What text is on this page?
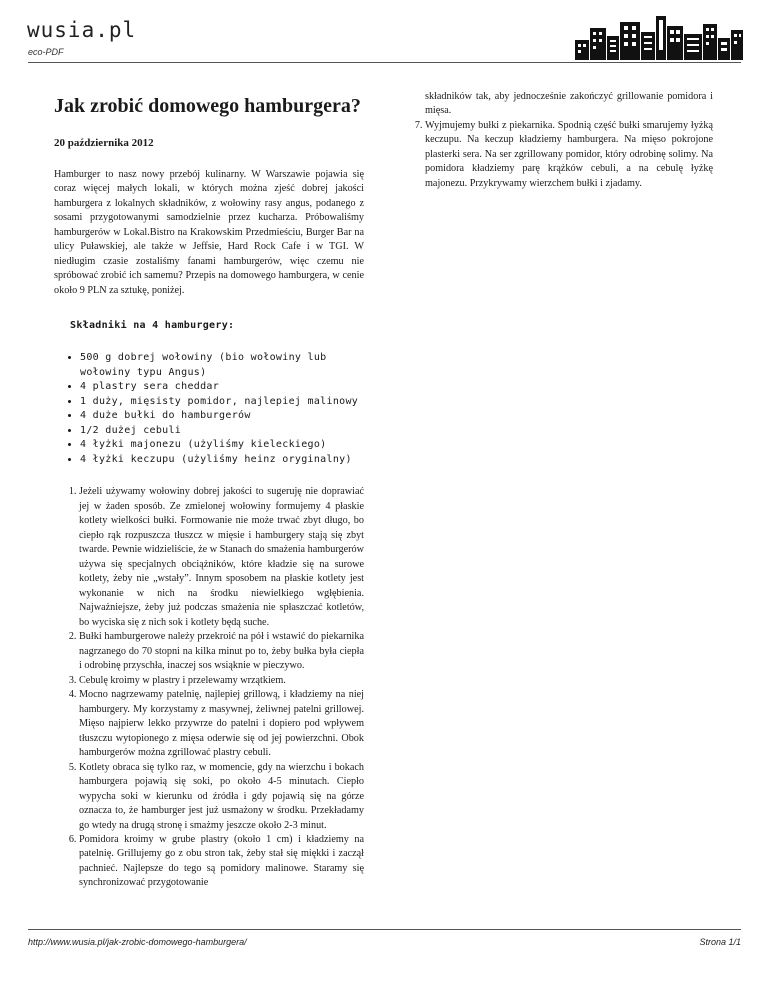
wusia.pl
eco-PDF
Jak zrobić domowego hamburgera?
20 października 2012

Hamburger to nasz nowy przebój kulinarny. W Warszawie pojawia się coraz więcej małych lokali, w których można zjeść dobrej jakości hamburgera z lokalnych składników, z wołowiny rasy angus, podanego z sosami przygotowanymi samodzielnie przez kucharza. Próbowaliśmy hamburgerów w Lokal.Bistro na Krakowskim Przedmieściu, Burger Bar na ulicy Puławskiej, ale także w Jeffsie, Hard Rock Cafe i w TGI. W niedługim czasie zostaliśmy fanami hamburgerów, więc czemu nie spróbować zrobić ich samemu? Przepis na domowego hamburgera, w cenie około 9 PLN za sztukę, poniżej.

Składniki na 4 hamburgery:
• 500 g dobrej wołowiny (bio wołowiny lub wołowiny typu Angus)
• 4 plastry sera cheddar
• 1 duży, mięsisty pomidor, najlepiej malinowy
• 4 duże bułki do hamburgerów
• 1/2 dużej cebuli
• 4 łyżki majonezu (użyliśmy kieleckiego)
• 4 łyżki keczupu (użyliśmy heinz oryginalny)
1. Jeżeli używamy wołowiny dobrej jakości to sugeruję nie doprawiać jej w żaden sposób. Ze zmielonej wołowiny formujemy 4 płaskie kotlety wielkości bułki. Formowanie nie może trwać zbyt długo, bo ciepło rąk rozpuszcza tłuszcz w mięsie i hamburgery stają się zbyt twarde. Pewnie widzieliście, że w Stanach do smażenia hamburgerów używa się specjalnych obciążników, które kładzie się na surowe kotlety, żeby nie „wstały”. Innym sposobem na płaskie kotlety jest wykonanie w nich na środku niewielkiego wgłębienia. Najważniejsze, żeby już podczas smażenia nie spłaszczać kotletów, bo wyciska się z nich sok i kotlety będą suche.
2. Bułki hamburgerowe należy przekroić na pół i wstawić do piekarnika nagrzanego do 70 stopni na kilka minut po to, żeby bułka była ciepła i odrobinę przyschła, inaczej sos wsiąknie w pieczywo.
3. Cebulę kroimy w plastry i przelewamy wrzątkiem.
4. Mocno nagrzewamy patelnię, najlepiej grillową, i kładziemy na niej hamburgery. My korzystamy z masywnej, żeliwnej patelni grillowej. Mięso najpierw lekko przywrze do patelni i dopiero pod wpływem tłuszczu wytopionego z mięsa oderwie się od jej powierzchni. Obok hamburgerów można zgrillować plastry cebuli.
5. Kotlety obraca się tylko raz, w momencie, gdy na wierzchu i bokach hamburgera pojawią się soki, po około 4-5 minutach. Ciepło wypycha soki w kierunku od źródła i gdy pojawią się na górze oznacza to, że hamburger jest już usmażony w środku. Przekładamy go wtedy na drugą stronę i smażmy jeszcze około 2-3 minut.
6. Pomidora kroimy w grube plastry (około 1 cm) i kładziemy na patelnię. Grillujemy go z obu stron tak, żeby stał się miękki i zaczął pachnieć. Najlepsze do tego są pomidory malinowe. Staramy się synchronizować przygotowanie

składników tak, aby jednocześnie zakończyć grillowanie pomidora i mięsa.

7. Wyjmujemy bułki z piekarnika. Spodnią część bułki smarujemy łyżką keczupu. Na keczup kładziemy hamburgera. Na mięso pokrojone plasterki sera. Na ser zgrillowany pomidor, który odrobinę solimy. Na pomidora kładziemy parę krążków cebuli, a na cebulę łyżkę majonezu. Przykrywamy wierzchem bułki i zjadamy.
http://www.wusia.pl/jak-zrobic-domowego-hamburgera/	Strona 1/1
